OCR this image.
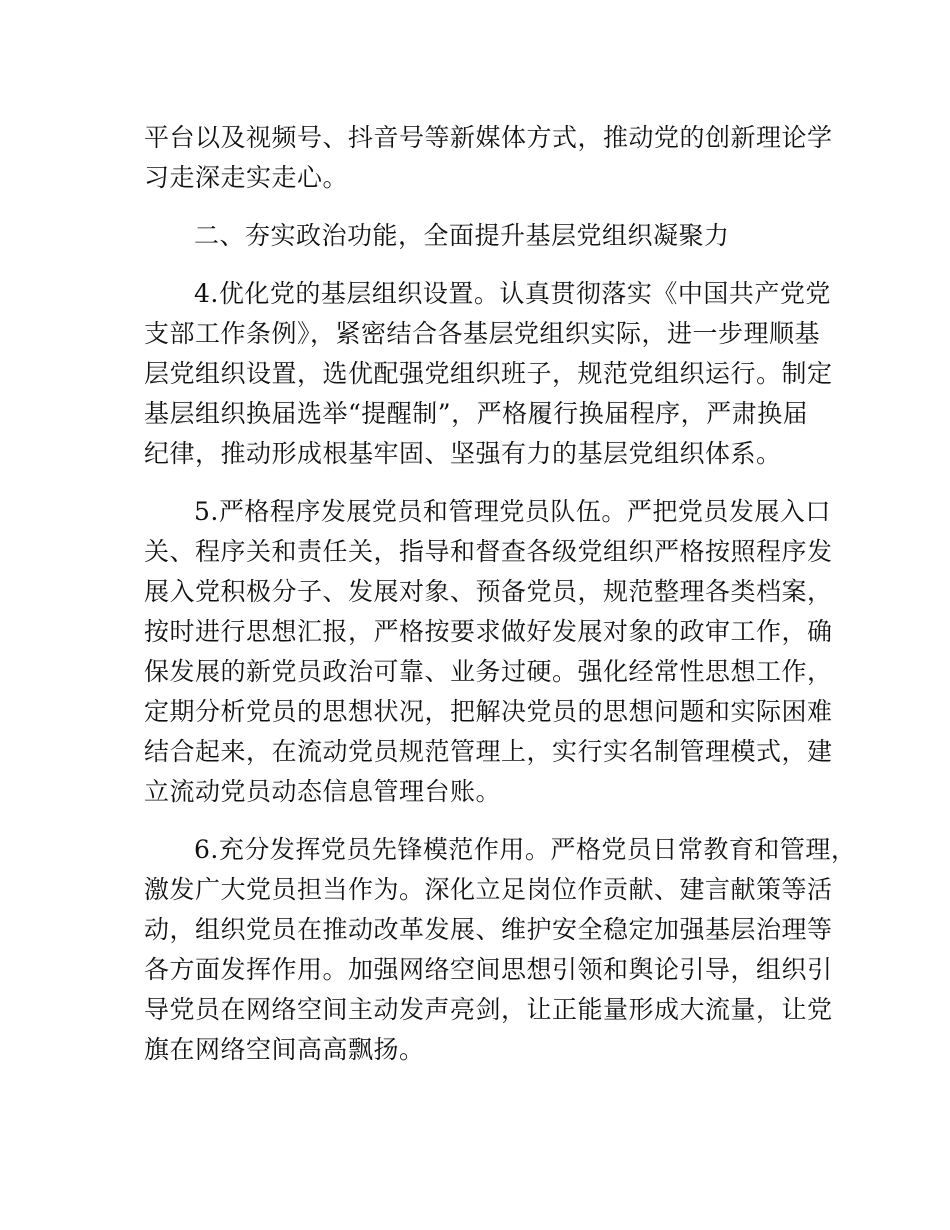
平台以及视频号、抖音号等新媒体方式，推动党的创新理论学
习走深走实走心。
二、夯实政治功能，全面提升基层党组织凝聚力
4.优化党的基层组织设置。认真贯彻落实《中国共产党党
支部工作条例》，紧密结合各基层党组织实际，进一步理顺基
层党组织设置，选优配强党组织班子，规范党组织运行。制定
基层组织换届选举“提醒制”，严格履行换届程序，严肃换届
纪律，推动形成根基牢固、坚强有力的基层党组织体系。
5.严格程序发展党员和管理党员队伍。严把党员发展入口
关、程序关和责任关，指导和督查各级党组织严格按照程序发
展入党积极分子、发展对象、预备党员，规范整理各类档案，
按时进行思想汇报，严格按要求做好发展对象的政审工作，确
保发展的新党员政治可靠、业务过硬。强化经常性思想工作，
定期分析党员的思想状况，把解决党员的思想问题和实际困难
结合起来，在流动党员规范管理上，实行实名制管理模式，建
立流动党员动态信息管理台账。
6.充分发挥党员先锋模范作用。严格党员日常教育和管理，
激发广大党员担当作为。深化立足岗位作贡献、建言献策等活
动，组织党员在推动改革发展、维护安全稳定加强基层治理等
各方面发挥作用。加强网络空间思想引领和舆论引导，组织引
导党员在网络空间主动发声亮剑，让正能量形成大流量，让党
旗在网络空间高高飘扬。
